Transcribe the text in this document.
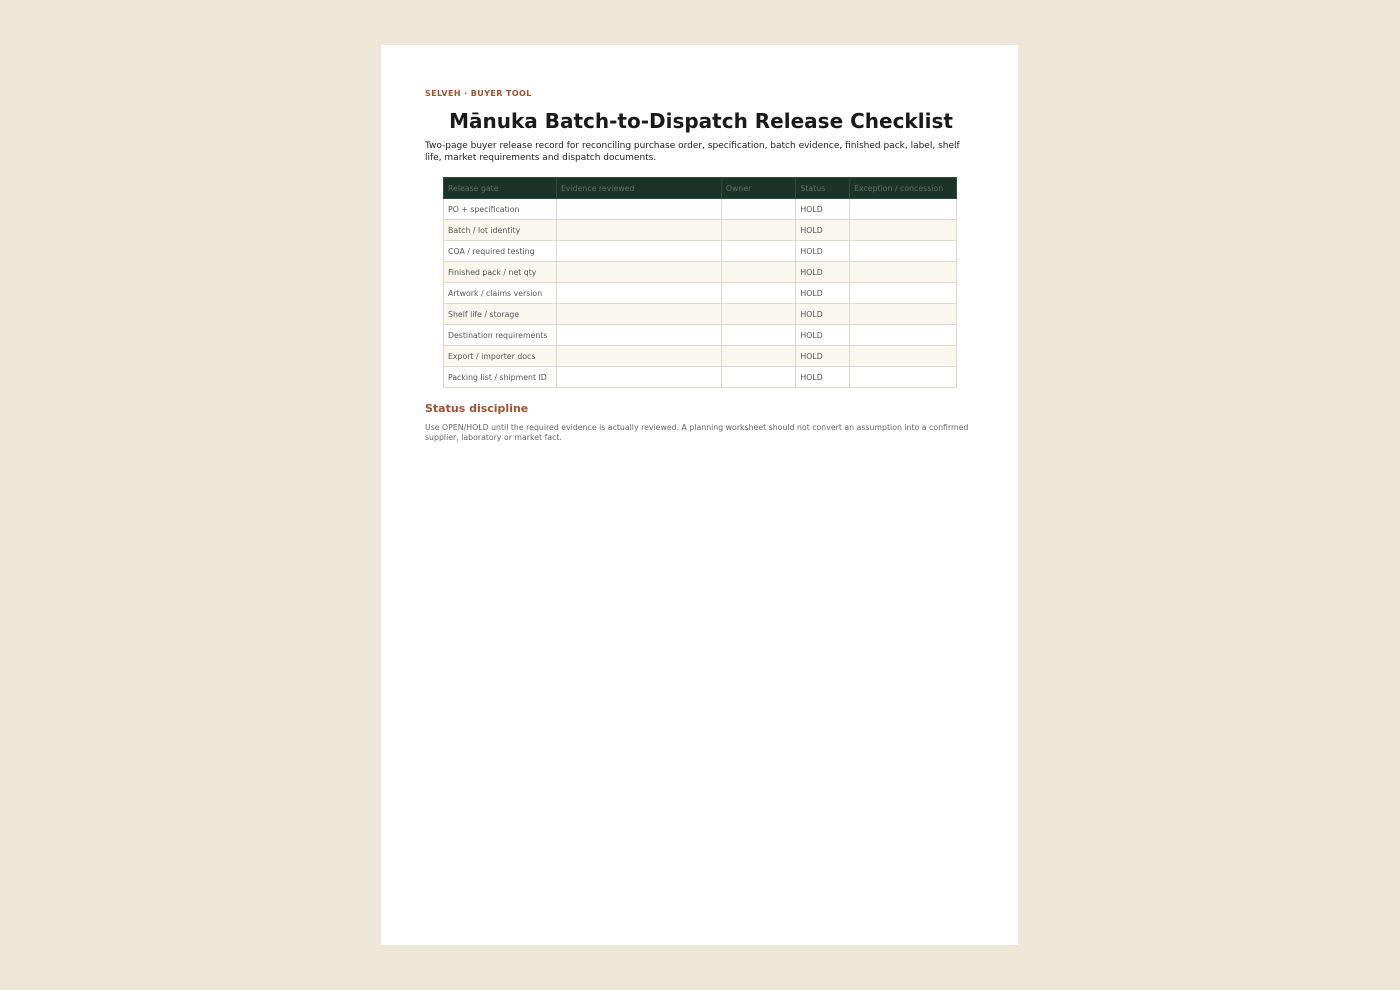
SELVEH · BUYER TOOL

Mānuka Batch-to-Dispatch Release Checklist

Two-page buyer release record for reconciling purchase order, specification, batch evidence, finished pack, label, shelf life, market requirements and dispatch documents.

Release gate	Evidence reviewed	Owner	Status	Exception / concession
PO + specification			HOLD	
Batch / lot identity			HOLD	
COA / required testing			HOLD	
Finished pack / net qty			HOLD	
Artwork / claims version			HOLD	
Shelf life / storage			HOLD	
Destination requirements			HOLD	
Export / importer docs			HOLD	
Packing list / shipment ID			HOLD	
Status discipline

Use OPEN/HOLD until the required evidence is actually reviewed. A planning worksheet should not convert an assumption into a confirmed supplier, laboratory or market fact.
